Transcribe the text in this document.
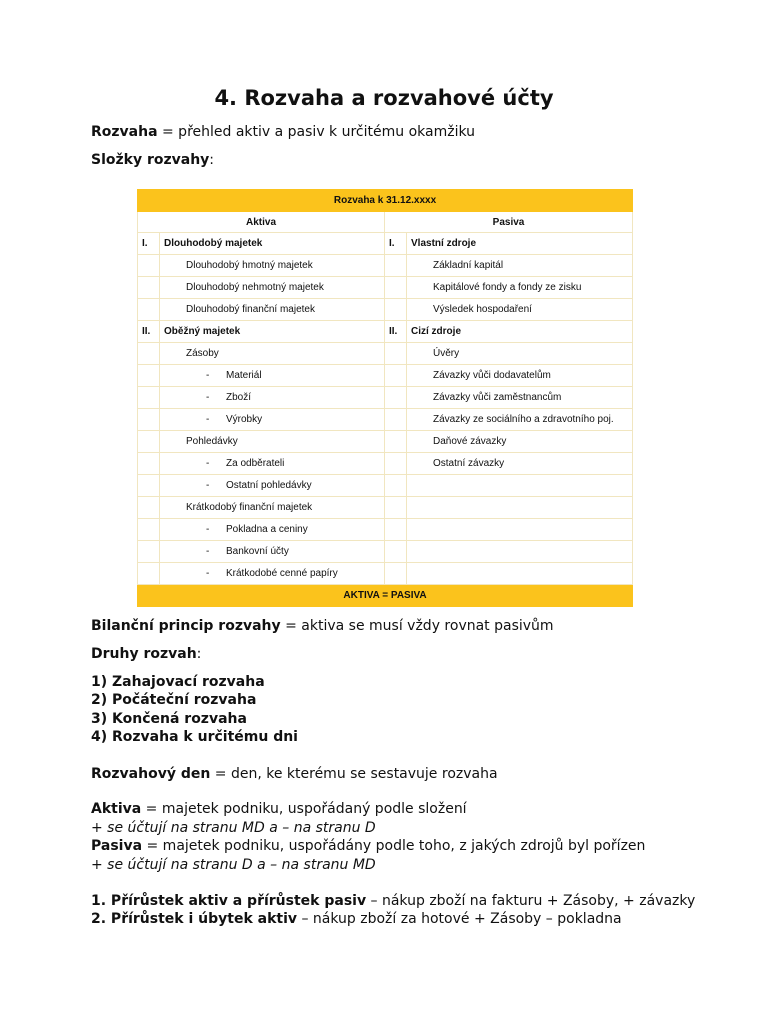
4. Rozvaha a rozvahové účty
Rozvaha = přehled aktiv a pasiv k určitému okamžiku
Složky rozvahy:
Rozvaha k 31.12.xxxx			
Aktiva		Pasiva	
I.	Dlouhodobý majetek	I.	Vlastní zdroje
	Dlouhodobý hmotný majetek		Základní kapitál
	Dlouhodobý nehmotný majetek		Kapitálové fondy a fondy ze zisku
	Dlouhodobý finanční majetek		Výsledek hospodaření
II.	Oběžný majetek	II.	Cizí zdroje
	Zásoby		Úvěry
	- Materiál		Závazky vůči dodavatelům
	- Zboží		Závazky vůči zaměstnancům
	- Výrobky		Závazky ze sociálního a zdravotního poj.
	Pohledávky		Daňové závazky
	- Za odběrateli		Ostatní závazky
	- Ostatní pohledávky		
	Krátkodobý finanční majetek		
	- Pokladna a ceniny		
	- Bankovní účty		
	- Krátkodobé cenné papíry		
AKTIVA = PASIVA			
Bilanční princip rozvahy = aktiva se musí vždy rovnat pasivům
Druhy rozvah:
1) Zahajovací rozvaha
2) Počáteční rozvaha
3) Končená rozvaha
4) Rozvaha k určitému dni
Rozvahový den = den, ke kterému se sestavuje rozvaha
Aktiva = majetek podniku, uspořádaný podle složení
+ se účtují na stranu MD a – na stranu D
Pasiva = majetek podniku, uspořádány podle toho, z jakých zdrojů byl pořízen
+ se účtují na stranu D a – na stranu MD
1. Přírůstek aktiv a přírůstek pasiv – nákup zboží na fakturu + Zásoby, + závazky
2. Přírůstek i úbytek aktiv – nákup zboží za hotové + Zásoby – pokladna
